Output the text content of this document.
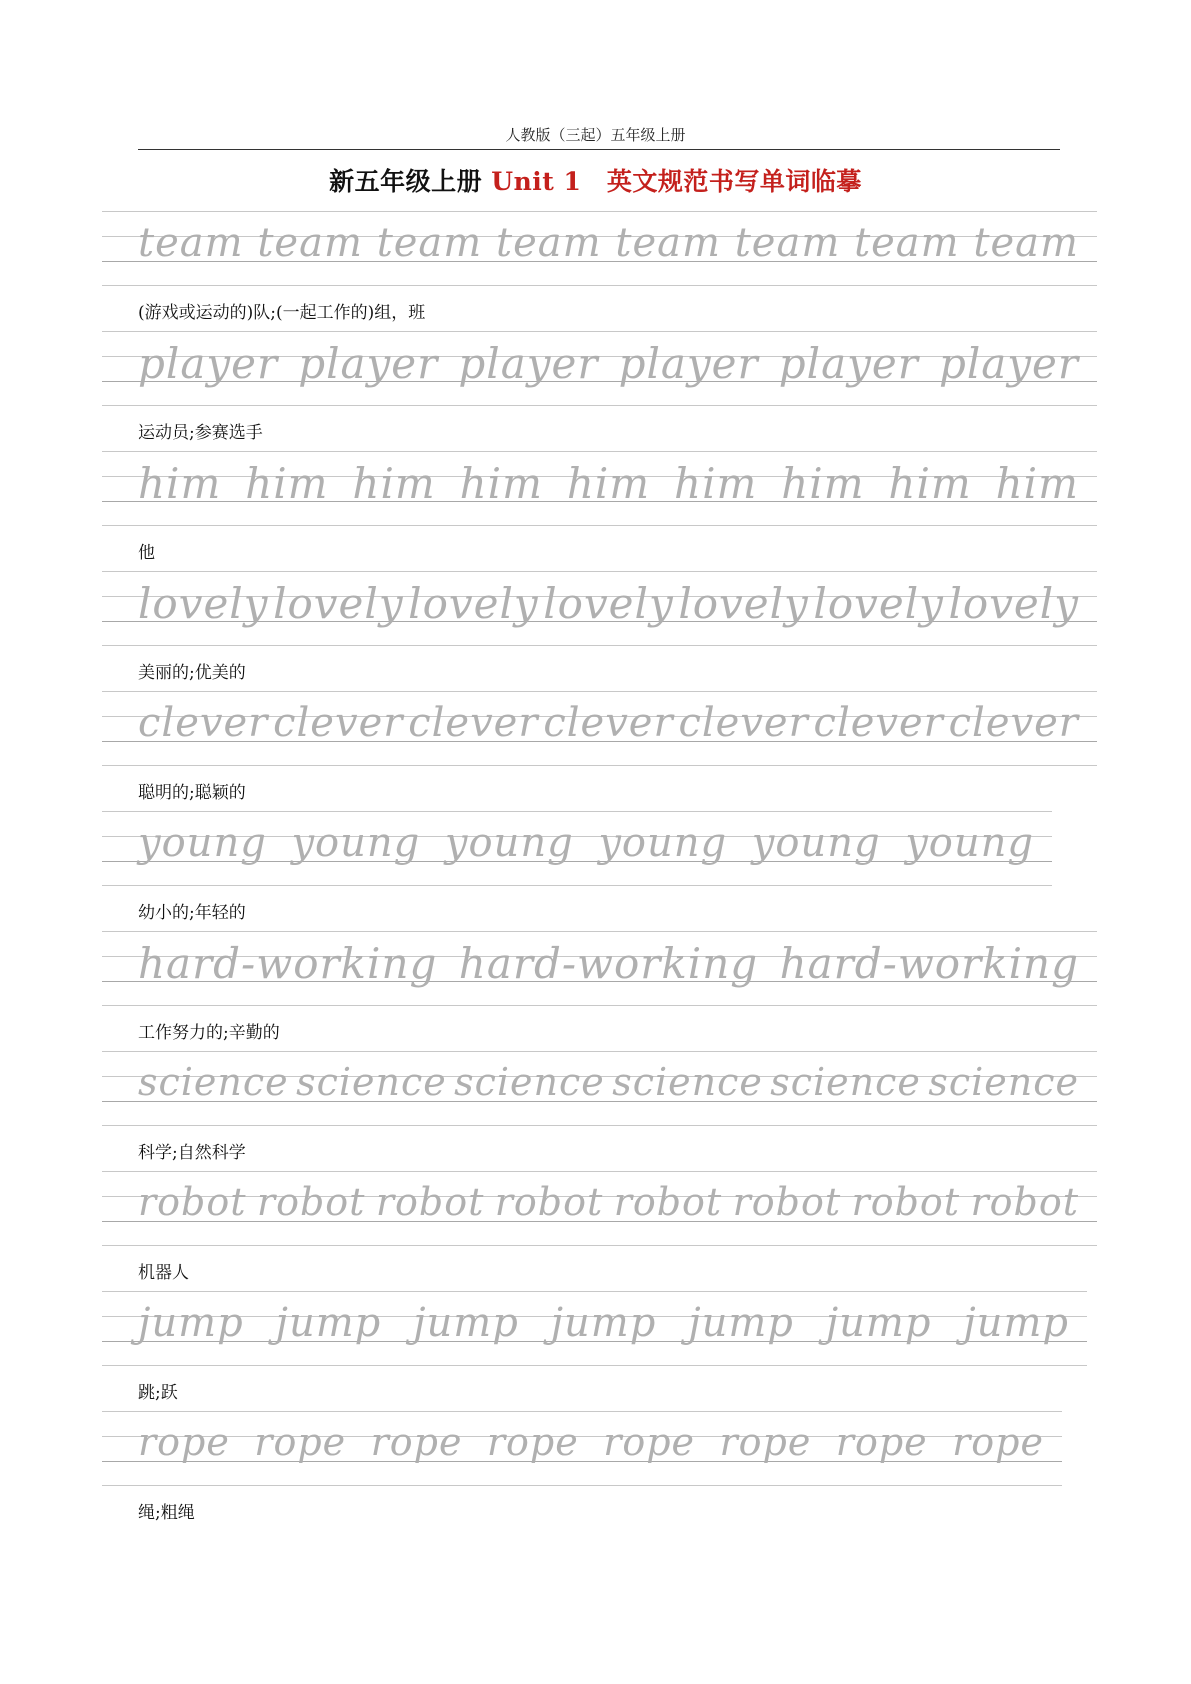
人教版（三起）五年级上册
新五年级上册 Unit 1　英文规范书写单词临摹
team team team team team team team team
(游戏或运动的)队;(一起工作的)组，班
player player player player player player
运动员;参赛选手
him him him him him him him him him
他
lovely lovely lovely lovely lovely lovely lovely
美丽的;优美的
clever clever clever clever clever clever clever
聪明的;聪颖的
young young young young young young
幼小的;年轻的
hard-working hard-working hard-working
工作努力的;辛勤的
science science science science science science
科学;自然科学
robot robot robot robot robot robot robot robot
机器人
jump jump jump jump jump jump jump
跳;跃
rope rope rope rope rope rope rope rope
绳;粗绳
